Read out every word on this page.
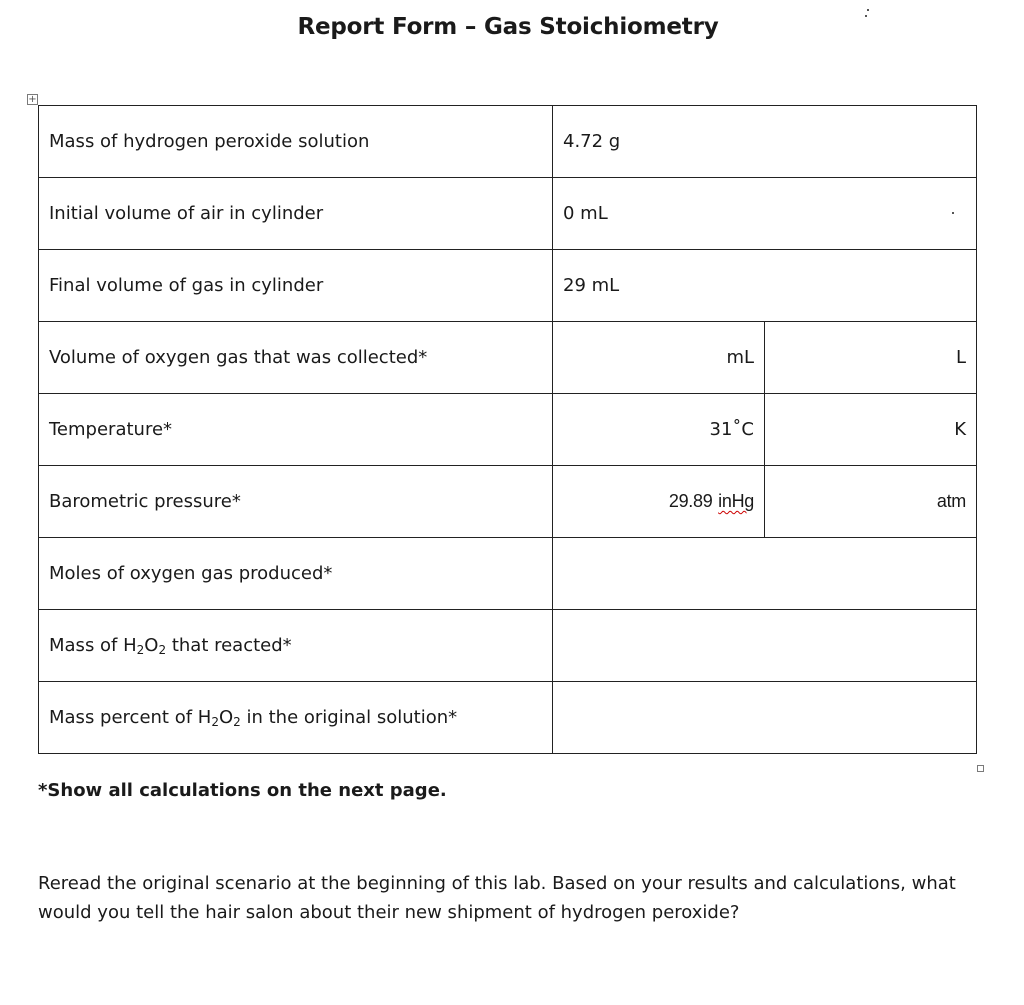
Report Form – Gas Stoichiometry
+
Mass of hydrogen peroxide solution	4.72 g	
Initial volume of air in cylinder	0 mL	

Final volume of gas in cylinder	29 mL	
Volume of oxygen gas that was collected*	mL	L
Temperature*	31˚C	K
Barometric pressure*	29.89 inHg	atm
Moles of oxygen gas produced*		
Mass of $H_2O_2$ that reacted*		
Mass percent of $H_2O_2$ in the original solution*		
*Show all calculations on the next page.
Reread the original scenario at the beginning of this lab. Based on your results and calculations, what would you tell the hair salon about their new shipment of hydrogen peroxide?
